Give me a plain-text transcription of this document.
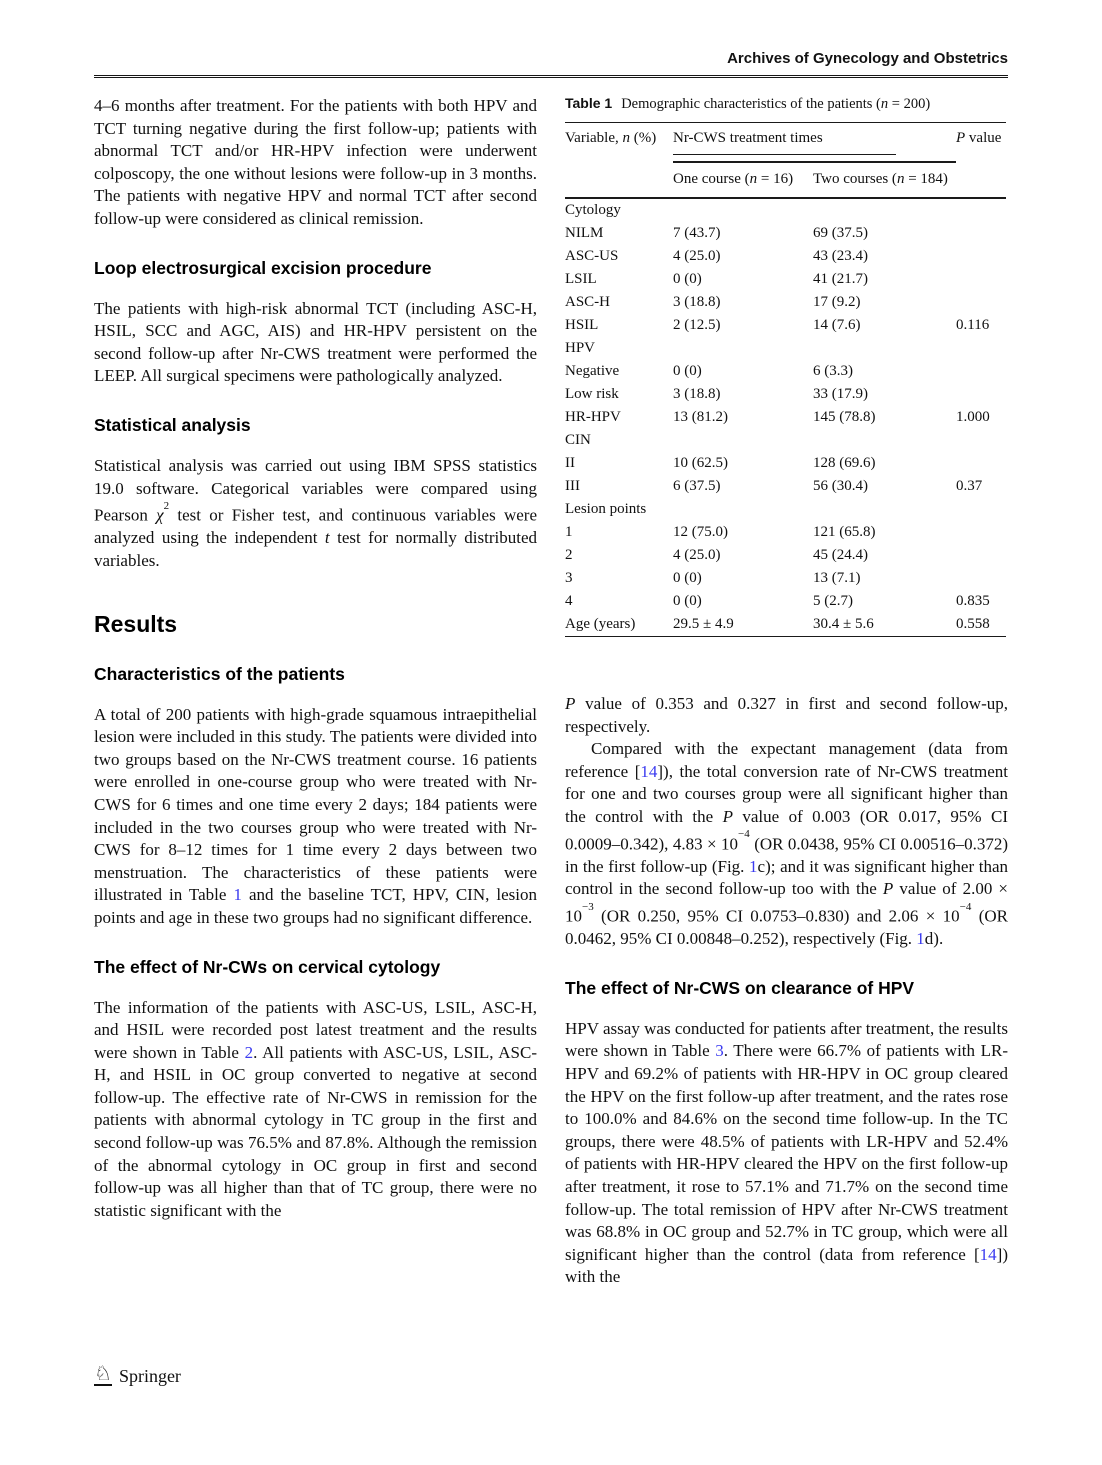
Archives of Gynecology and Obstetrics

4–6 months after treatment. For the patients with both HPV and TCT turning negative during the first follow-up; patients with abnormal TCT and/or HR-HPV infection were underwent colposcopy, the one without lesions were follow-up in 3 months. The patients with negative HPV and normal TCT after second follow-up were considered as clinical remission.

Loop electrosurgical excision procedure

The patients with high-risk abnormal TCT (including ASC-H, HSIL, SCC and AGC, AIS) and HR-HPV persistent on the second follow-up after Nr-CWS treatment were performed the LEEP. All surgical specimens were pathologically analyzed.

Statistical analysis

Statistical analysis was carried out using IBM SPSS statistics 19.0 software. Categorical variables were compared using Pearson $\chi^2$ test or Fisher test, and continuous variables were analyzed using the independent t test for normally distributed variables.

Results
Characteristics of the patients

A total of 200 patients with high-grade squamous intraepithelial lesion were included in this study. The patients were divided into two groups based on the Nr-CWS treatment course. 16 patients were enrolled in one-course group who were treated with Nr-CWS for 6 times and one time every 2 days; 184 patients were included in the two courses group who were treated with Nr-CWS for 8–12 times for 1 time every 2 days between two menstruation. The characteristics of these patients were illustrated in Table 1 and the baseline TCT, HPV, CIN, lesion points and age in these two groups had no significant difference.

The effect of Nr-CWs on cervical cytology

The information of the patients with ASC-US, LSIL, ASC-H, and HSIL were recorded post latest treatment and the results were shown in Table 2. All patients with ASC-US, LSIL, ASC-H, and HSIL in OC group converted to negative at second follow-up. The effective rate of Nr-CWS in remission for the patients with abnormal cytology in TC group in the first and second follow-up was 76.5% and 87.8%. Although the remission of the abnormal cytology in OC group in first and second follow-up was all higher than that of TC group, there were no statistic significant with the

Table 1 Demographic characteristics of the patients (n = 200)
Variable, n (%)	Nr-CWS treatment times		P value
	One course (n = 16)	Two courses (n = 184)	
Cytology			
NILM	7 (43.7)	69 (37.5)	
ASC-US	4 (25.0)	43 (23.4)	
LSIL	0 (0)	41 (21.7)	
ASC-H	3 (18.8)	17 (9.2)	
HSIL	2 (12.5)	14 (7.6)	0.116
HPV			
Negative	0 (0)	6 (3.3)	
Low risk	3 (18.8)	33 (17.9)	
HR-HPV	13 (81.2)	145 (78.8)	1.000
CIN			
II	10 (62.5)	128 (69.6)	
III	6 (37.5)	56 (30.4)	0.37
Lesion points			
1	12 (75.0)	121 (65.8)	
2	4 (25.0)	45 (24.4)	
3	0 (0)	13 (7.1)	
4	0 (0)	5 (2.7)	0.835
Age (years)	29.5 ± 4.9	30.4 ± 5.6	0.558

P value of 0.353 and 0.327 in first and second follow-up, respectively.

Compared with the expectant management (data from reference [14]), the total conversion rate of Nr-CWS treatment for one and two courses group were all significant higher than the control with the P value of 0.003 (OR 0.017, 95% CI 0.0009–0.342), $4.83 \times 10^{-4}$ (OR 0.0438, 95% CI 0.00516–0.372) in the first follow-up (Fig. 1c); and it was significant higher than control in the second follow-up too with the P value of $2.00 \times 10^{-3}$ (OR 0.250, 95% CI 0.0753–0.830) and $2.06 \times 10^{-4}$ (OR 0.0462, 95% CI 0.00848–0.252), respectively (Fig. 1d).

The effect of Nr-CWS on clearance of HPV

HPV assay was conducted for patients after treatment, the results were shown in Table 3. There were 66.7% of patients with LR-HPV and 69.2% of patients with HR-HPV in OC group cleared the HPV on the first follow-up after treatment, and the rates rose to 100.0% and 84.6% on the second time follow-up. In the TC groups, there were 48.5% of patients with LR-HPV and 52.4% of patients with HR-HPV cleared the HPV on the first follow-up after treatment, it rose to 57.1% and 71.7% on the second time follow-up. The total remission of HPV after Nr-CWS treatment was 68.8% in OC group and 52.7% in TC group, which were all significant higher than the control (data from reference [14]) with the

♘ Springer
